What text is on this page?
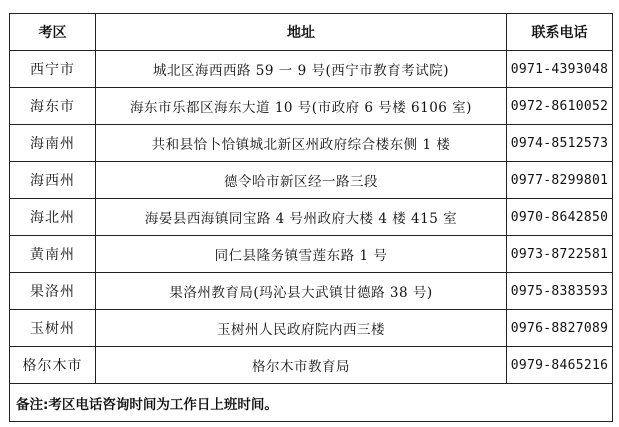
考区	地址	联系电话
西宁市	城北区海西西路 59 一 9 号(西宁市教育考试院)	0971-4393048
海东市	海东市乐都区海东大道 10 号(市政府 6 号楼 6106 室)	0972-8610052
海南州	共和县恰卜恰镇城北新区州政府综合楼东侧 1 楼	0974-8512573
海西州	德令哈市新区经一路三段	0977-8299801
海北州	海晏县西海镇同宝路 4 号州政府大楼 4 楼 415 室	0970-8642850
黄南州	同仁县隆务镇雪莲东路 1 号	0973-8722581
果洛州	果洛州教育局(玛沁县大武镇甘德路 38 号)	0975-8383593
玉树州	玉树州人民政府院内西三楼	0976-8827089
格尔木市	格尔木市教育局	0979-8465216
备注:考区电话咨询时间为工作日上班时间。		
